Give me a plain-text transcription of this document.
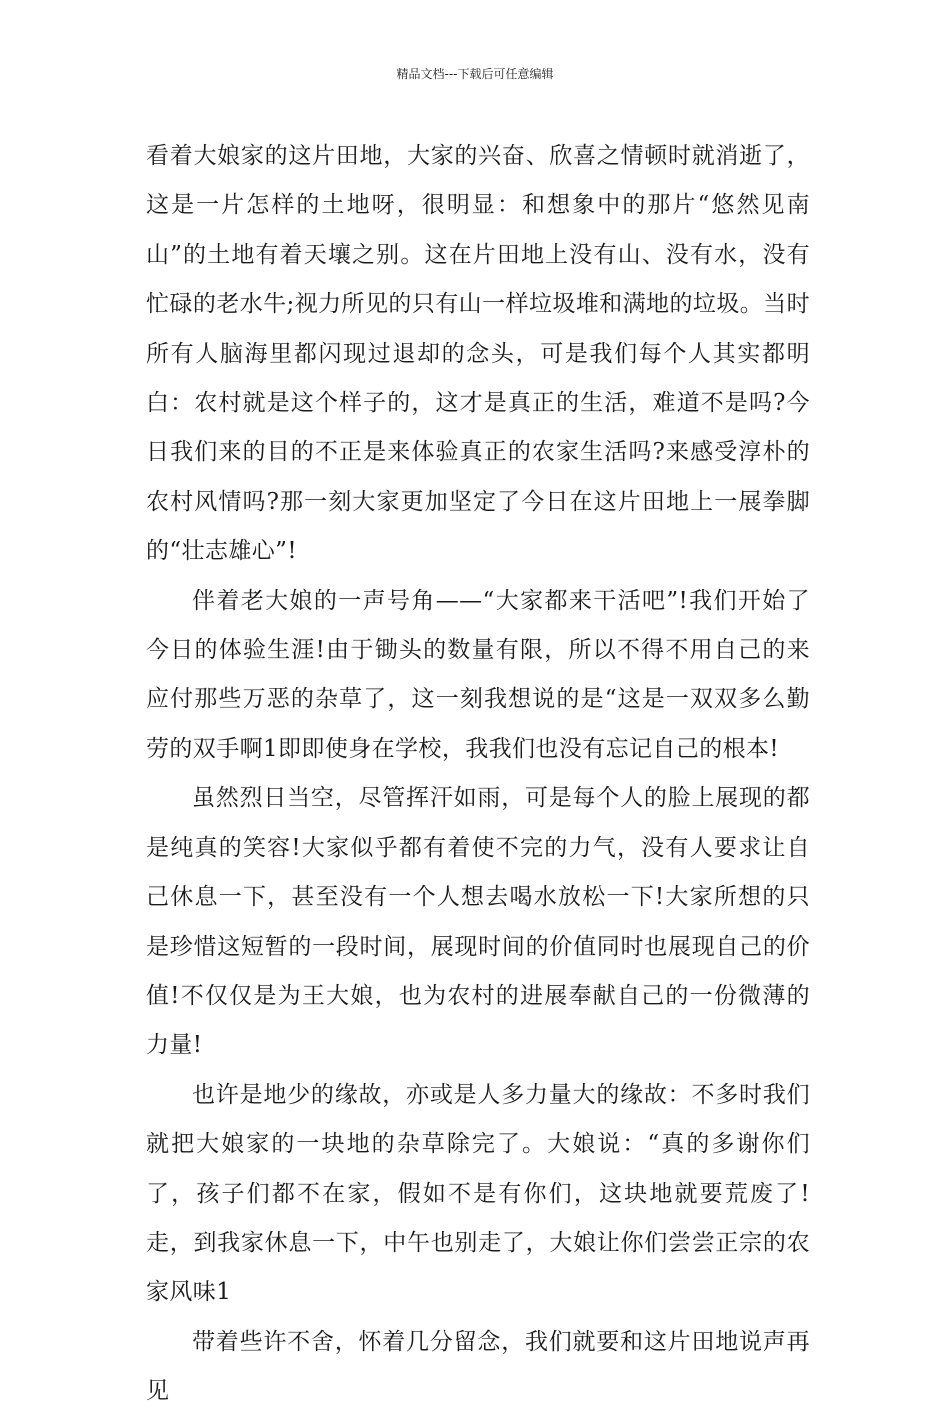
精品文档---下载后可任意编辑

看着大娘家的这片田地，大家的兴奋、欣喜之情顿时就消逝了，这是一片怎样的土地呀，很明显：和想象中的那片“悠然见南山”的土地有着天壤之别。这在片田地上没有山、没有水，没有忙碌的老水牛;视力所见的只有山一样垃圾堆和满地的垃圾。当时所有人脑海里都闪现过退却的念头，可是我们每个人其实都明白：农村就是这个样子的，这才是真正的生活，难道不是吗?今日我们来的目的不正是来体验真正的农家生活吗?来感受淳朴的农村风情吗?那一刻大家更加坚定了今日在这片田地上一展拳脚的“壮志雄心”!

伴着老大娘的一声号角——“大家都来干活吧”!我们开始了今日的体验生涯!由于锄头的数量有限，所以不得不用自己的来应付那些万恶的杂草了，这一刻我想说的是“这是一双双多么勤劳的双手啊1即即使身在学校，我我们也没有忘记自己的根本!

虽然烈日当空，尽管挥汗如雨，可是每个人的脸上展现的都是纯真的笑容!大家似乎都有着使不完的力气，没有人要求让自己休息一下，甚至没有一个人想去喝水放松一下!大家所想的只是珍惜这短暂的一段时间，展现时间的价值同时也展现自己的价值!不仅仅是为王大娘，也为农村的进展奉献自己的一份微薄的力量!

也许是地少的缘故，亦或是人多力量大的缘故：不多时我们就把大娘家的一块地的杂草除完了。大娘说：“真的多谢你们了，孩子们都不在家，假如不是有你们，这块地就要荒废了!走，到我家休息一下，中午也别走了，大娘让你们尝尝正宗的农家风味1

带着些许不舍，怀着几分留念，我们就要和这片田地说声再见
